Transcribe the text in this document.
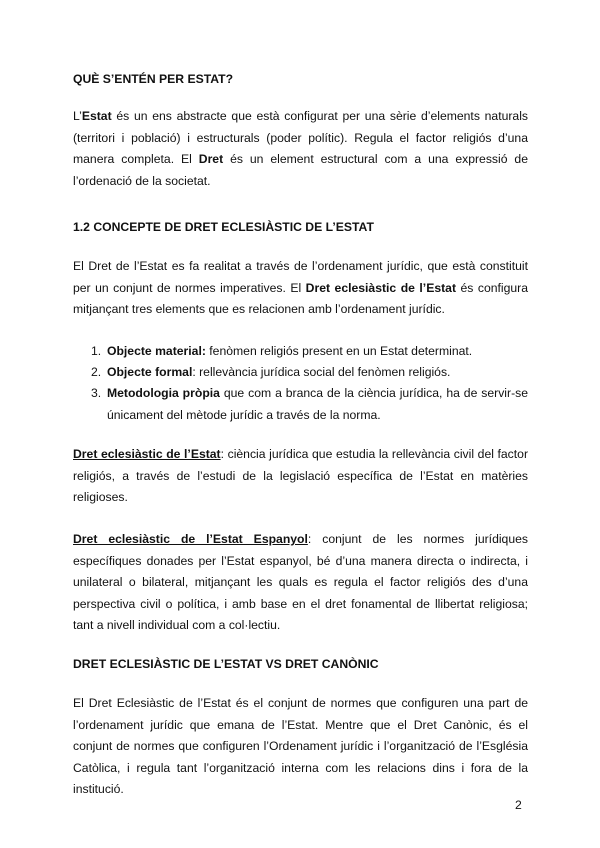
QUÈ S’ENTÉN PER ESTAT?

L’Estat és un ens abstracte que està configurat per una sèrie d’elements naturals (territori i població) i estructurals (poder polític). Regula el factor religiós d’una manera completa. El Dret és un element estructural com a una expressió de l’ordenació de la societat.

1.2 CONCEPTE DE DRET ECLESIÀSTIC DE L’ESTAT

El Dret de l’Estat es fa realitat a través de l’ordenament jurídic, que està constituit per un conjunt de normes imperatives. El Dret eclesiàstic de l’Estat és configura mitjançant tres elements que es relacionen amb l’ordenament jurídic.

1. Objecte material: fenòmen religiós present en un Estat determinat.
2. Objecte formal: rellevància jurídica social del fenòmen religiós.
3. Metodologia pròpia que com a branca de la ciència jurídica, ha de servir-se únicament del mètode jurídic a través de la norma.

Dret eclesiàstic de l’Estat: ciència jurídica que estudia la rellevància civil del factor religiós, a través de l’estudi de la legislació específica de l’Estat en matèries religioses.

Dret eclesiàstic de l’Estat Espanyol: conjunt de les normes jurídiques específiques donades per l’Estat espanyol, bé d’una manera directa o indirecta, i unilateral o bilateral, mitjançant les quals es regula el factor religiós des d’una perspectiva civil o política, i amb base en el dret fonamental de llibertat religiosa; tant a nivell individual com a col·lectiu.

DRET ECLESIÀSTIC DE L’ESTAT VS DRET CANÒNIC

El Dret Eclesiàstic de l’Estat és el conjunt de normes que configuren una part de l’ordenament jurídic que emana de l’Estat. Mentre que el Dret Canònic, és el conjunt de normes que configuren l’Ordenament jurídic i l’organització de l’Església Catòlica, i regula tant l’organització interna com les relacions dins i fora de la institució.

2
